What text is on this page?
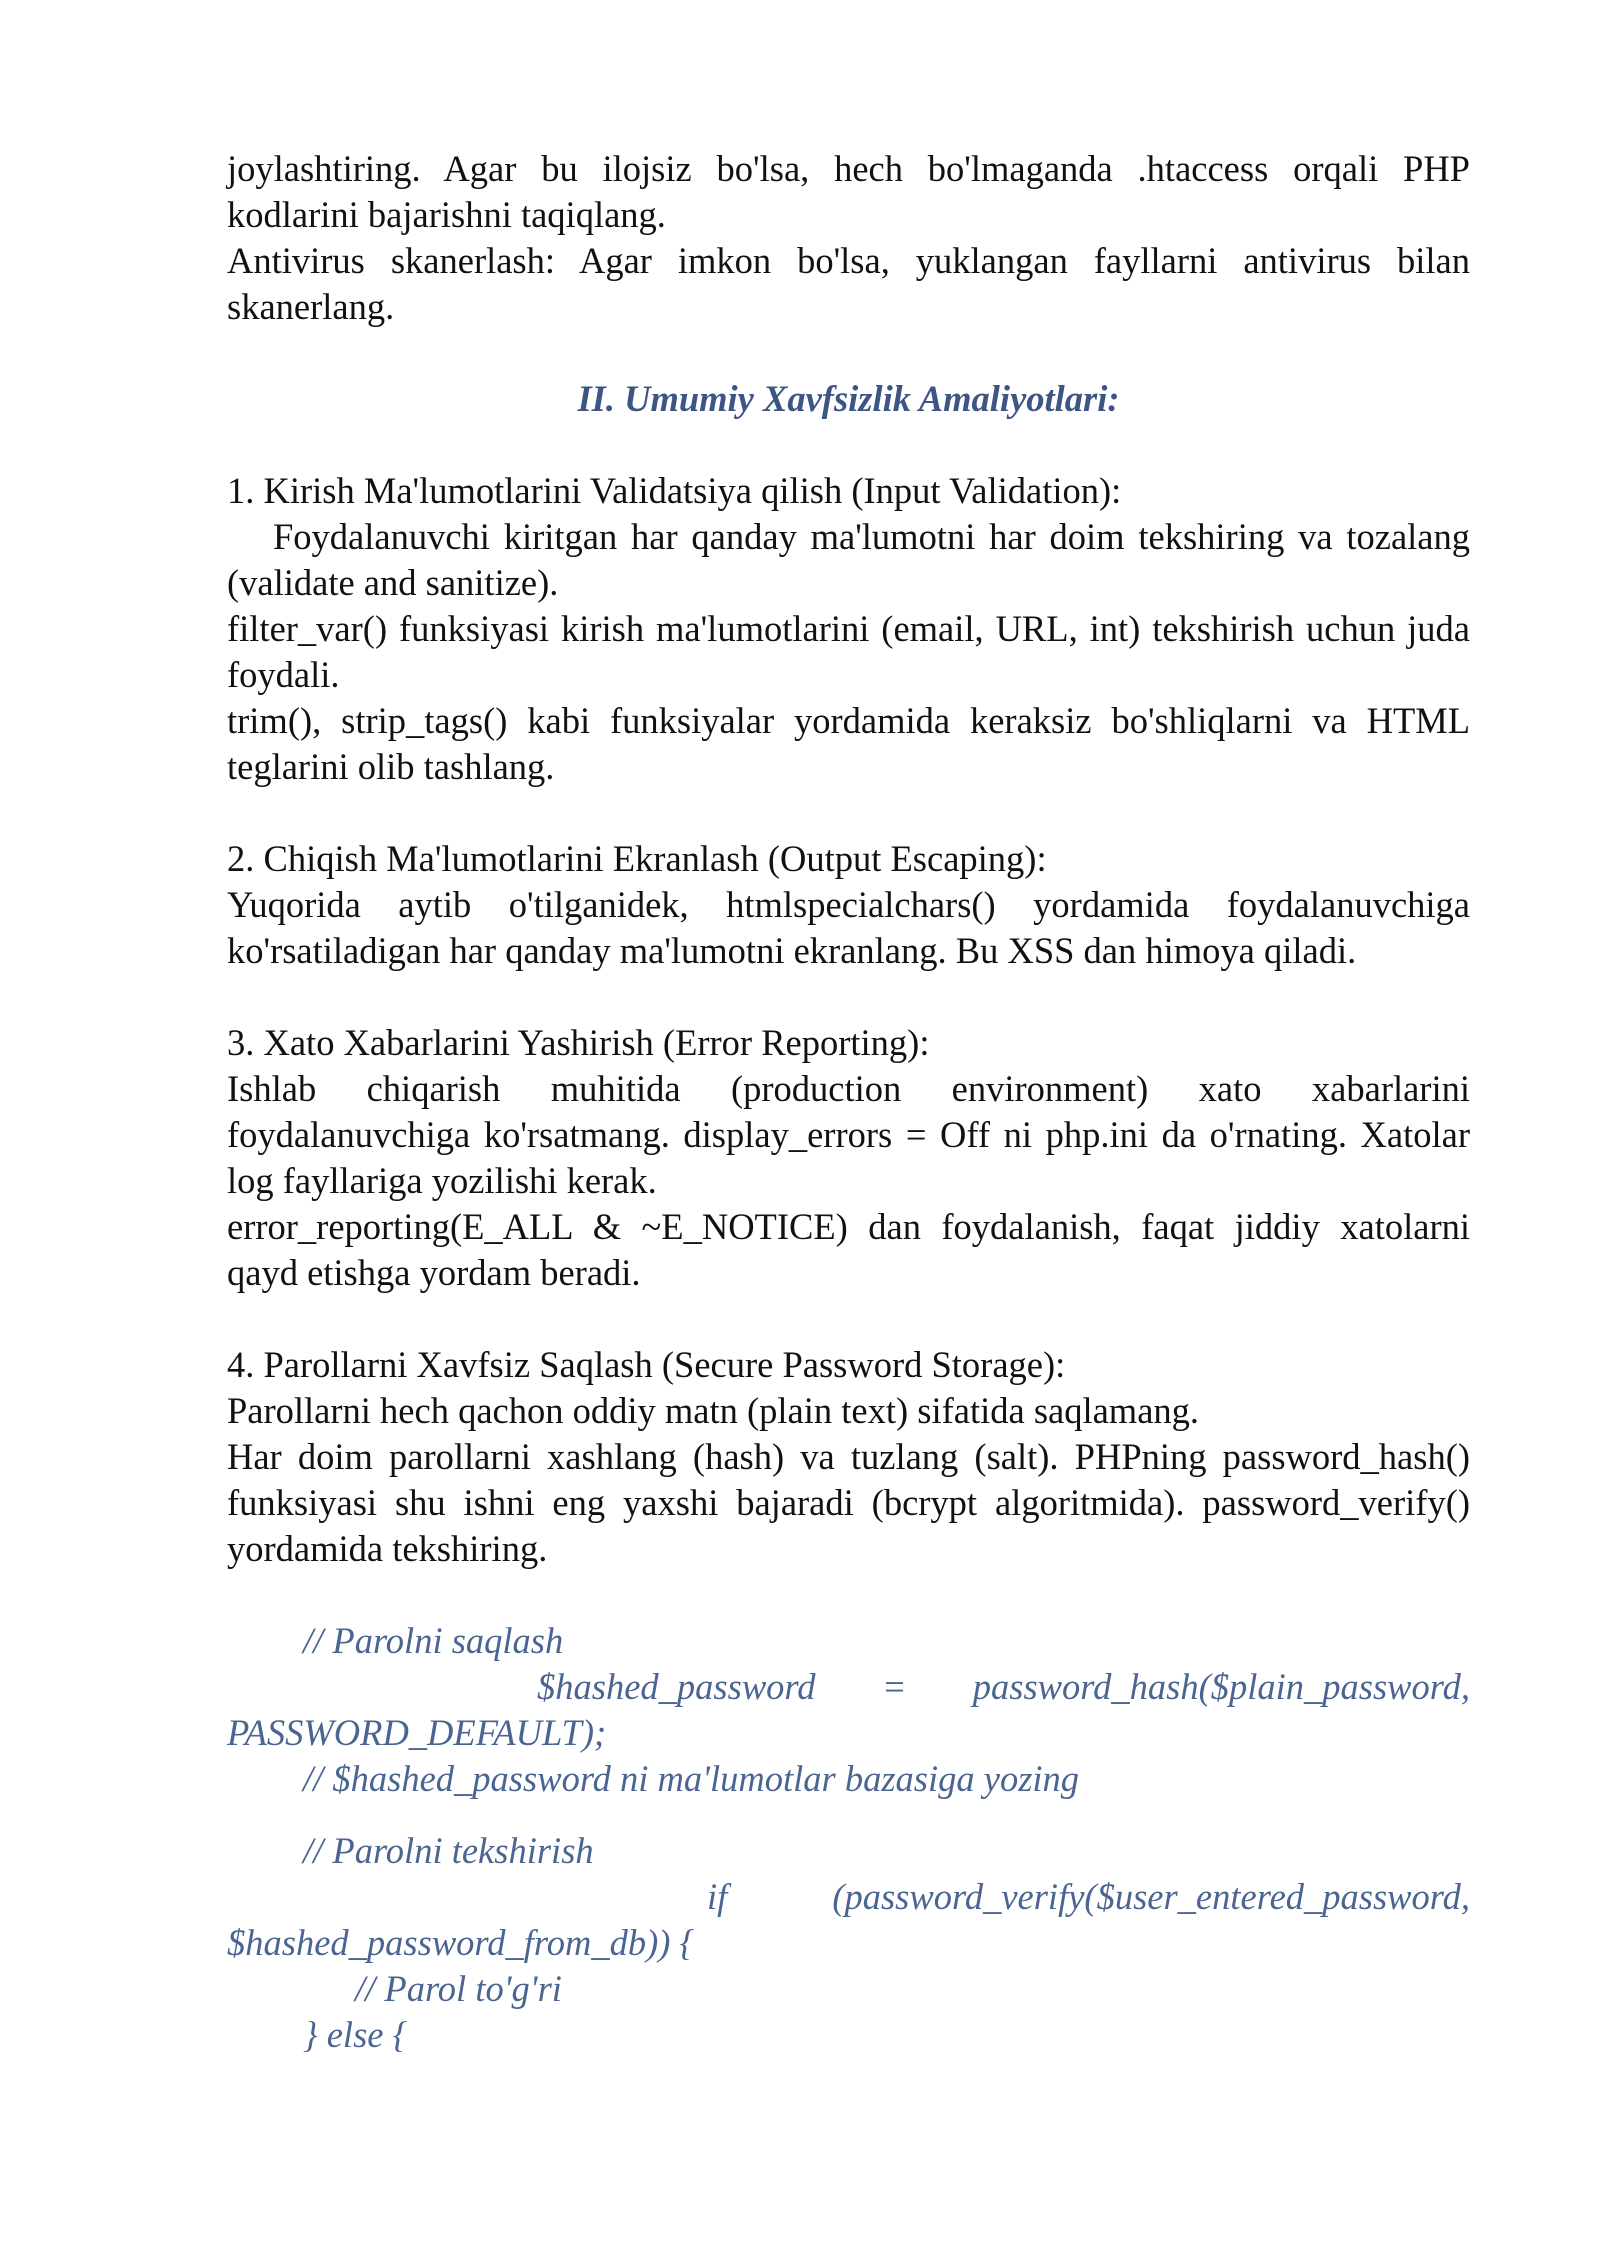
joylashtiring. Agar bu ilojsiz bo'lsa, hech bo'lmaganda .htaccess orqali PHP

kodlarini bajarishni taqiqlang.

Antivirus skanerlash: Agar imkon bo'lsa, yuklangan fayllarni antivirus bilan skanerlang.

II. Umumiy Xavfsizlik Amaliyotlari:

1. Kirish Ma'lumotlarini Validatsiya qilish (Input Validation):

Foydalanuvchi kiritgan har qanday ma'lumotni har doim tekshiring va tozalang (validate and sanitize).

filter_var() funksiyasi kirish ma'lumotlarini (email, URL, int) tekshirish uchun juda foydali.

trim(), strip_tags() kabi funksiyalar yordamida keraksiz bo'shliqlarni va HTML teglarini olib tashlang.

2. Chiqish Ma'lumotlarini Ekranlash (Output Escaping):

Yuqorida aytib o'tilganidek, htmlspecialchars() yordamida foydalanuvchiga ko'rsatiladigan har qanday ma'lumotni ekranlang. Bu XSS dan himoya qiladi.

3. Xato Xabarlarini Yashirish (Error Reporting):

Ishlab chiqarish muhitida (production environment) xato xabarlarini foydalanuvchiga ko'rsatmang. display_errors = Off ni php.ini da o'rnating. Xatolar log fayllariga yozilishi kerak.

error_reporting(E_ALL & ~E_NOTICE) dan foydalanish, faqat jiddiy xatolarni qayd etishga yordam beradi.

4. Parollarni Xavfsiz Saqlash (Secure Password Storage):

Parollarni hech qachon oddiy matn (plain text) sifatida saqlamang.

Har doim parollarni xashlang (hash) va tuzlang (salt). PHPning password_hash() funksiyasi shu ishni eng yaxshi bajaradi (bcrypt algoritmida). password_verify() yordamida tekshiring.

// Parolni saqlash

$hashed_password = password_hash($plain_password,

PASSWORD_DEFAULT);

// $hashed_password ni ma'lumotlar bazasiga yozing

// Parolni tekshirish

if (password_verify($user_entered_password,

$hashed_password_from_db)) {

// Parol to'g'ri

} else {
